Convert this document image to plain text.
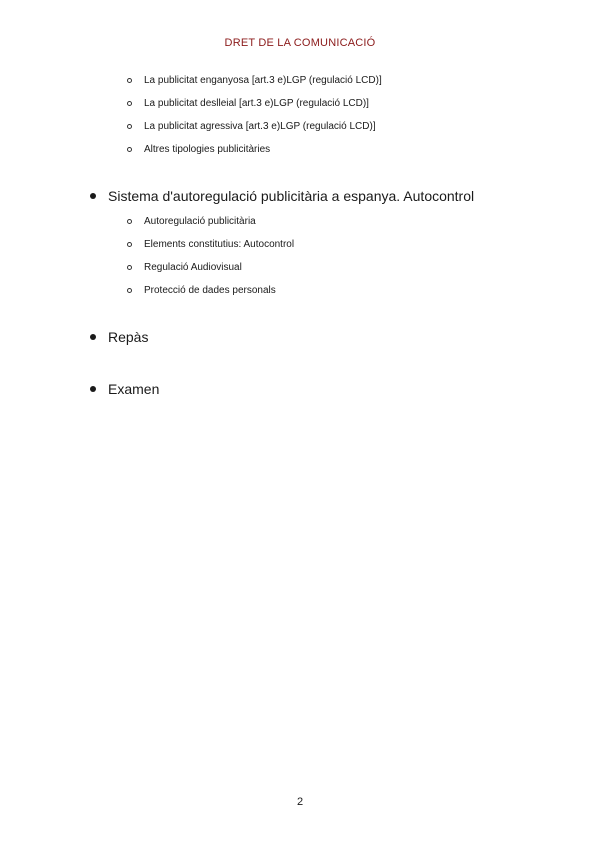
DRET DE LA COMUNICACIÓ
La publicitat enganyosa [art.3 e)LGP (regulació LCD)]
La publicitat deslleial [art.3 e)LGP (regulació LCD)]
La publicitat agressiva [art.3 e)LGP (regulació LCD)]
Altres tipologies publicitàries
Sistema d'autoregulació publicitària a espanya. Autocontrol
Autoregulació publicitària
Elements constitutius: Autocontrol
Regulació Audiovisual
Protecció de dades personals
Repàs
Examen
2
